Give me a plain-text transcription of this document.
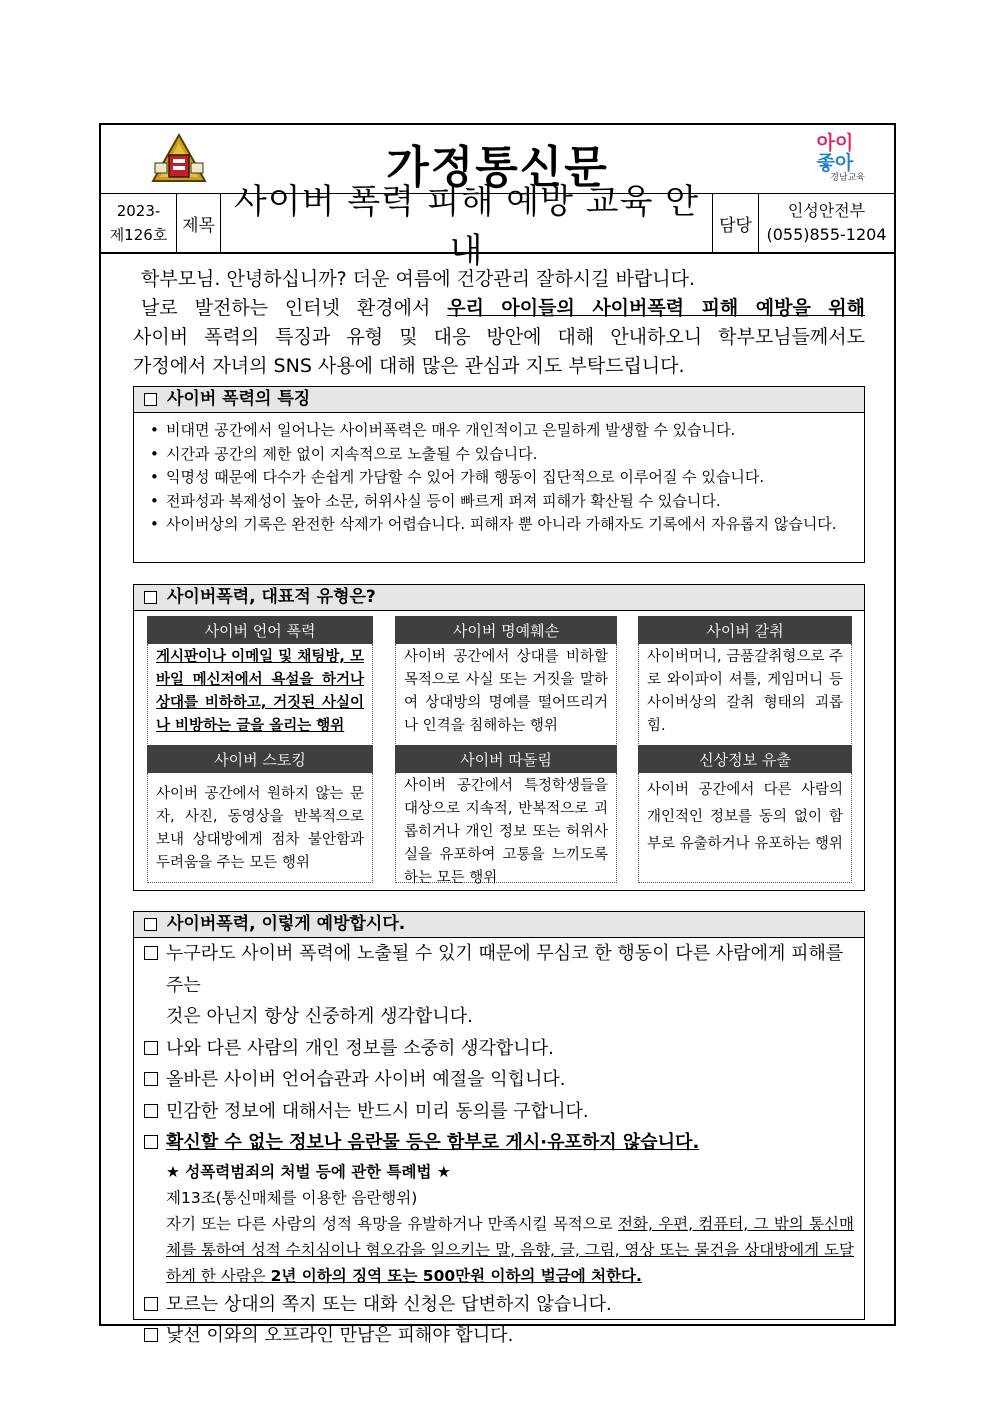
가정통신문	아이
좋아
경남교육
2023-
제126호 제목
사이버 폭력 피해 예방 교육 안내
담당
인성안전부
(055)855-1204

학부모님. 안녕하십니까? 더운 여름에 건강관리 잘하시길 바랍니다.

날로 발전하는 인터넷 환경에서 우리 아이들의 사이버폭력 피해 예방을 위해

사이버 폭력의 특징과 유형 및 대응 방안에 대해 안내하오니 학부모님들께서도

가정에서 자녀의 SNS 사용에 대해 많은 관심과 지도 부탁드립니다.

사이버 폭력의 특징
• 비대면 공간에서 일어나는 사이버폭력은 매우 개인적이고 은밀하게 발생할 수 있습니다.
• 시간과 공간의 제한 없이 지속적으로 노출될 수 있습니다.
• 익명성 때문에 다수가 손쉽게 가담할 수 있어 가해 행동이 집단적으로 이루어질 수 있습니다.
• 전파성과 복제성이 높아 소문, 허위사실 등이 빠르게 퍼져 피해가 확산될 수 있습니다.
• 사이버상의 기록은 완전한 삭제가 어렵습니다. 피해자 뿐 아니라 가해자도 기록에서 자유롭지 않습니다.
사이버폭력, 대표적 유형은?
사이버 언어 폭력
게시판이나 이메일 및 채팅방, 모바일 메신저에서 욕설을 하거나 상대를 비하하고, 거짓된 사실이나 비방하는 글을 올리는 행위
사이버 명예훼손
사이버 공간에서 상대를 비하할 목적으로 사실 또는 거짓을 말하여 상대방의 명예를 떨어뜨리거나 인격을 침해하는 행위
사이버 갈취
사이버머니, 금품갈취형으로 주로 와이파이 셔틀, 게임머니 등 사이버상의 갈취 형태의 괴롭힘.
사이버 스토킹
사이버 공간에서 원하지 않는 문자, 사진, 동영상을 반복적으로 보내 상대방에게 점차 불안함과 두려움을 주는 모든 행위
사이버 따돌림
사이버 공간에서 특정학생들을 대상으로 지속적, 반복적으로 괴롭히거나 개인 정보 또는 허위사실을 유포하여 고통을 느끼도록 하는 모든 행위
신상정보 유출
사이버 공간에서 다른 사람의 개인적인 정보를 동의 없이 함부로 유출하거나 유포하는 행위
사이버폭력, 이렇게 예방합시다.
누구라도 사이버 폭력에 노출될 수 있기 때문에 무심코 한 행동이 다른 사람에게 피해를 주는
것은 아닌지 항상 신중하게 생각합니다.
나와 다른 사람의 개인 정보를 소중히 생각합니다.
올바른 사이버 언어습관과 사이버 예절을 익힙니다.
민감한 정보에 대해서는 반드시 미리 동의를 구합니다.
확신할 수 없는 정보나 음란물 등은 함부로 게시·유포하지 않습니다.
★ 성폭력범죄의 처벌 등에 관한 특례법 ★
제13조(통신매체를 이용한 음란행위)
자기 또는 다른 사람의 성적 욕망을 유발하거나 만족시킬 목적으로 전화, 우편, 컴퓨터, 그 밖의 통신매체를 통하여 성적 수치심이나 혐오감을 일으키는 말, 음향, 글, 그림, 영상 또는 물건을 상대방에게 도달하게 한 사람은 2년 이하의 징역 또는 500만원 이하의 벌금에 처한다.
모르는 상대의 쪽지 또는 대화 신청은 답변하지 않습니다.
낯선 이와의 오프라인 만남은 피해야 합니다.
